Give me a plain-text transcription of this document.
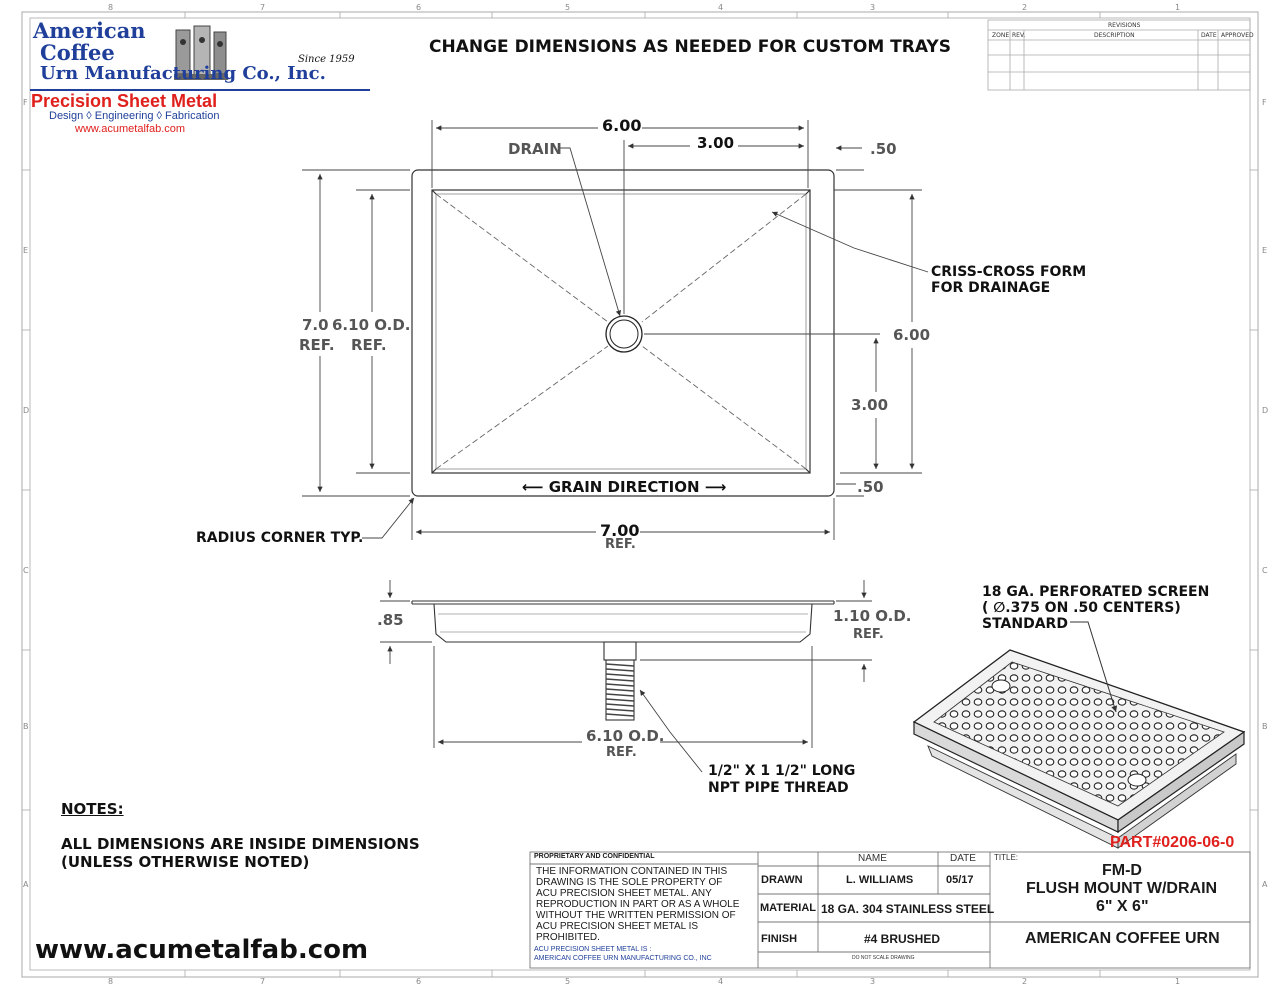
American
Coffee
Urn Manufacturing Co., Inc.
Since 1959
Precision Sheet Metal
Design ◊ Engineering ◊ Fabrication
www.acumetalfab.com
CHANGE DIMENSIONS AS NEEDED FOR CUSTOM TRAYS
REVISIONS
ZONE REV.	DESCRIPTION	DATE APPROVED
8	7	6	5	4	3	2	1
8	7	6	5	4	3	2	1
F
E
D
C
B
A
F
E
D
C
B
A
6.00
3.00
DRAIN	.50
.50
CRISS-CROSS FORM
FOR DRAINAGE
7.0 6.10 O.D.
REF. REF.
6.00
3.00
⟵ GRAIN DIRECTION ⟶
RADIUS CORNER TYP.	7.00
REF.
.85	1.10 O.D.
REF.
6.10 O.D.
REF.
1/2" X 1 1/2" LONG
NPT PIPE THREAD
18 GA. PERFORATED SCREEN
( ∅.375 ON .50 CENTERS)
STANDARD
PART#0206-06-0
NOTES:
ALL DIMENSIONS ARE INSIDE DIMENSIONS
(UNLESS OTHERWISE NOTED)
www.acumetalfab.com
PROPRIETARY AND CONFIDENTIAL
THE INFORMATION CONTAINED IN THIS
DRAWING IS THE SOLE PROPERTY OF
ACU PRECISION SHEET METAL. ANY
REPRODUCTION IN PART OR AS A WHOLE
WITHOUT THE WRITTEN PERMISSION OF
ACU PRECISION SHEET METAL IS
PROHIBITED.
ACU PRECISION SHEET METAL IS :
AMERICAN COFFEE URN MANUFACTURING CO., INC
NAME	DATE TITLE:
DRAWN	L. WILLIAMS	05/17
MATERIAL 18 GA. 304 STAINLESS STEEL
FINISH	#4 BRUSHED
DO NOT SCALE DRAWING
FM-D
FLUSH MOUNT W/DRAIN
6" X 6"
AMERICAN COFFEE URN
